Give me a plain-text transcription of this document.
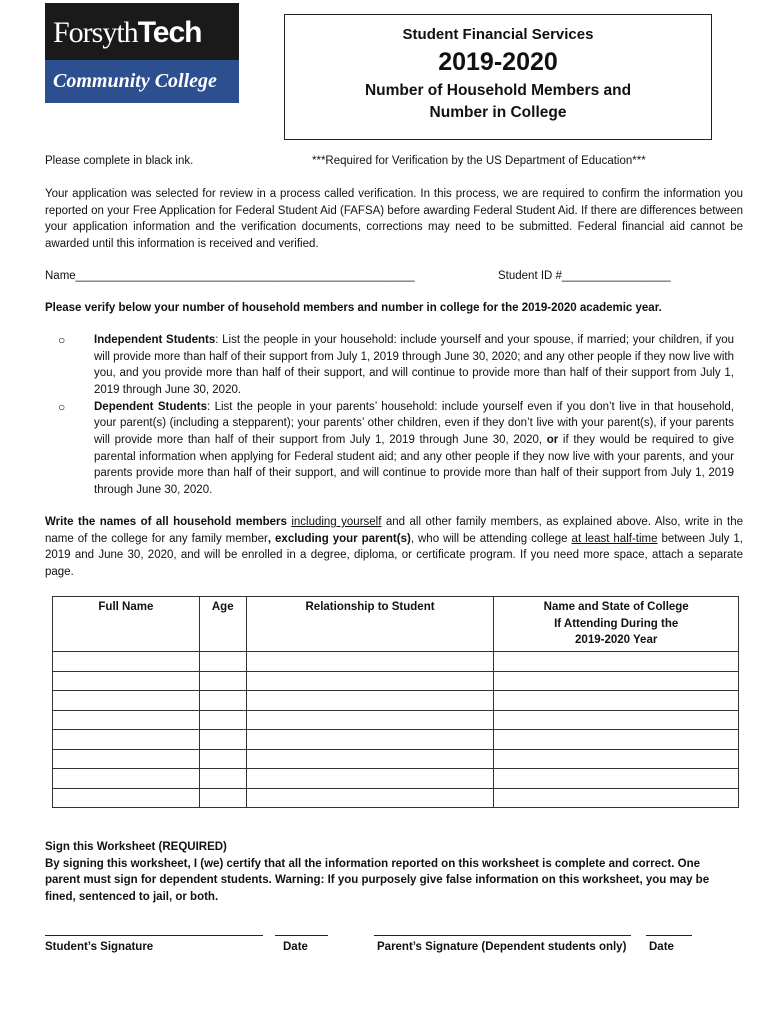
ForsythTech
Community College
Student Financial Services
2019-2020
Number of Household Members and
Number in College
Please complete in black ink.	***Required for Verification by the US Department of Education***
Your application was selected for review in a process called verification. In this process, we are required to confirm the information you reported on your Free Application for Federal Student Aid (FAFSA) before awarding Federal Student Aid. If there are differences between your application information and the verification documents, corrections may need to be submitted. Federal financial aid cannot be awarded until this information is received and verified.
Name_____________________________________________________	Student ID #_________________
Please verify below your number of household members and number in college for the 2019-2020 academic year.
○	Independent Students: List the people in your household: include yourself and your spouse, if married; your children, if you will provide more than half of their support from July 1, 2019 through June 30, 2020; and any other people if they now live with you, and you provide more than half of their support, and will continue to provide more than half of their support from July 1, 2019 through June 30, 2020.
○	Dependent Students: List the people in your parents’ household: include yourself even if you don’t live in that household, your parent(s) (including a stepparent); your parents’ other children, even if they don’t live with your parent(s), if your parents will provide more than half of their support from July 1, 2019 through June 30, 2020, or if they would be required to give parental information when applying for Federal student aid; and any other people if they now live with your parents, and your parents provide more than half of their support, and will continue to provide more than half of their support from July 1, 2019 through June 30, 2020.
Write the names of all household members including yourself and all other family members, as explained above. Also, write in the name of the college for any family member, excluding your parent(s), who will be attending college at least half-time between July 1, 2019 and June 30, 2020, and will be enrolled in a degree, diploma, or certificate program. If you need more space, attach a separate page.
Full Name	Age	Relationship to Student	Name and State of College
If Attending During the
2019-2020 Year

Sign this Worksheet (REQUIRED)
By signing this worksheet, I (we) certify that all the information reported on this worksheet is complete and correct. One parent must sign for dependent students. Warning: If you purposely give false information on this worksheet, you may be fined, sentenced to jail, or both.
Student’s Signature	Date	Parent’s Signature (Dependent students only) Date
